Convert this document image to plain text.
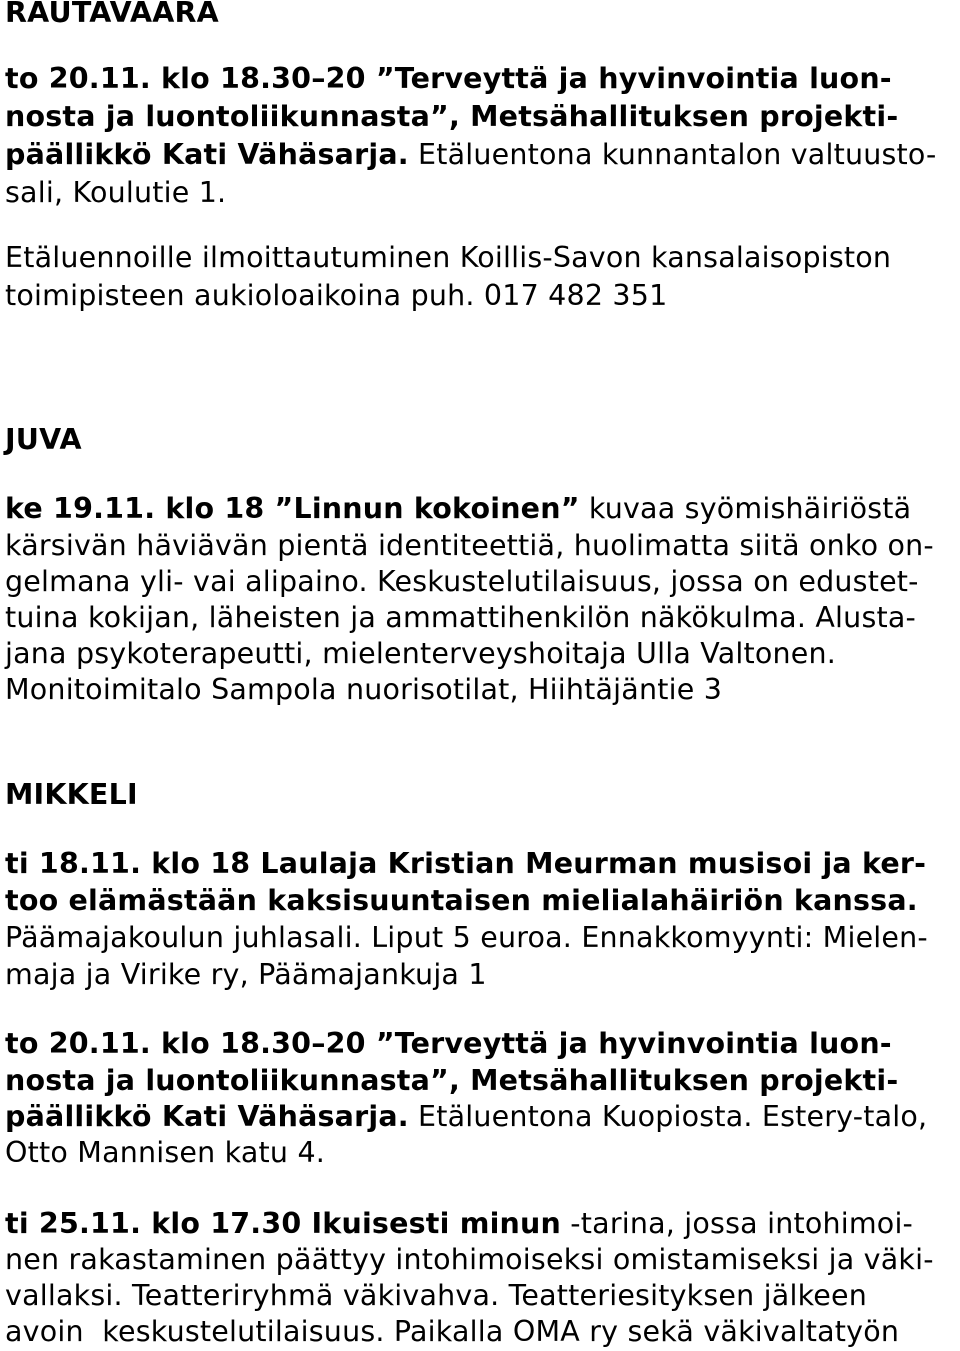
RAUTAVAARA
to 20.11. klo 18.30–20 ”Terveyttä ja hyvinvointia luon-
nosta ja luontoliikunnasta”, Metsähallituksen projekti-
päällikkö Kati Vähäsarja. Etäluentona kunnantalon valtuusto-
sali, Koulutie 1.
Etäluennoille ilmoittautuminen Koillis-Savon kansalaisopiston
toimipisteen aukioloaikoina puh. 017 482 351
JUVA
ke 19.11. klo 18 ”Linnun kokoinen” kuvaa syömishäiriöstä
kärsivän häviävän pientä identiteettiä, huolimatta siitä onko on-
gelmana yli- vai alipaino. Keskustelutilaisuus, jossa on edustet-
tuina kokijan, läheisten ja ammattihenkilön näkökulma. Alusta-
jana psykoterapeutti, mielenterveyshoitaja Ulla Valtonen.
Monitoimitalo Sampola nuorisotilat, Hiihtäjäntie 3
MIKKELI
ti 18.11. klo 18 Laulaja Kristian Meurman musisoi ja ker-
too elämästään kaksisuuntaisen mielialahäiriön kanssa.
Päämajakoulun juhlasali. Liput 5 euroa. Ennakkomyynti: Mielen-
maja ja Virike ry, Päämajankuja 1
to 20.11. klo 18.30–20 ”Terveyttä ja hyvinvointia luon-
nosta ja luontoliikunnasta”, Metsähallituksen projekti-
päällikkö Kati Vähäsarja. Etäluentona Kuopiosta. Estery-talo,
Otto Mannisen katu 4.
ti 25.11. klo 17.30 Ikuisesti minun -tarina, jossa intohimoi-
nen rakastaminen päättyy intohimoiseksi omistamiseksi ja väki-
vallaksi. Teatteriryhmä väkivahva. Teatteriesityksen jälkeen
avoin  keskustelutilaisuus. Paikalla OMA ry sekä väkivaltatyön
